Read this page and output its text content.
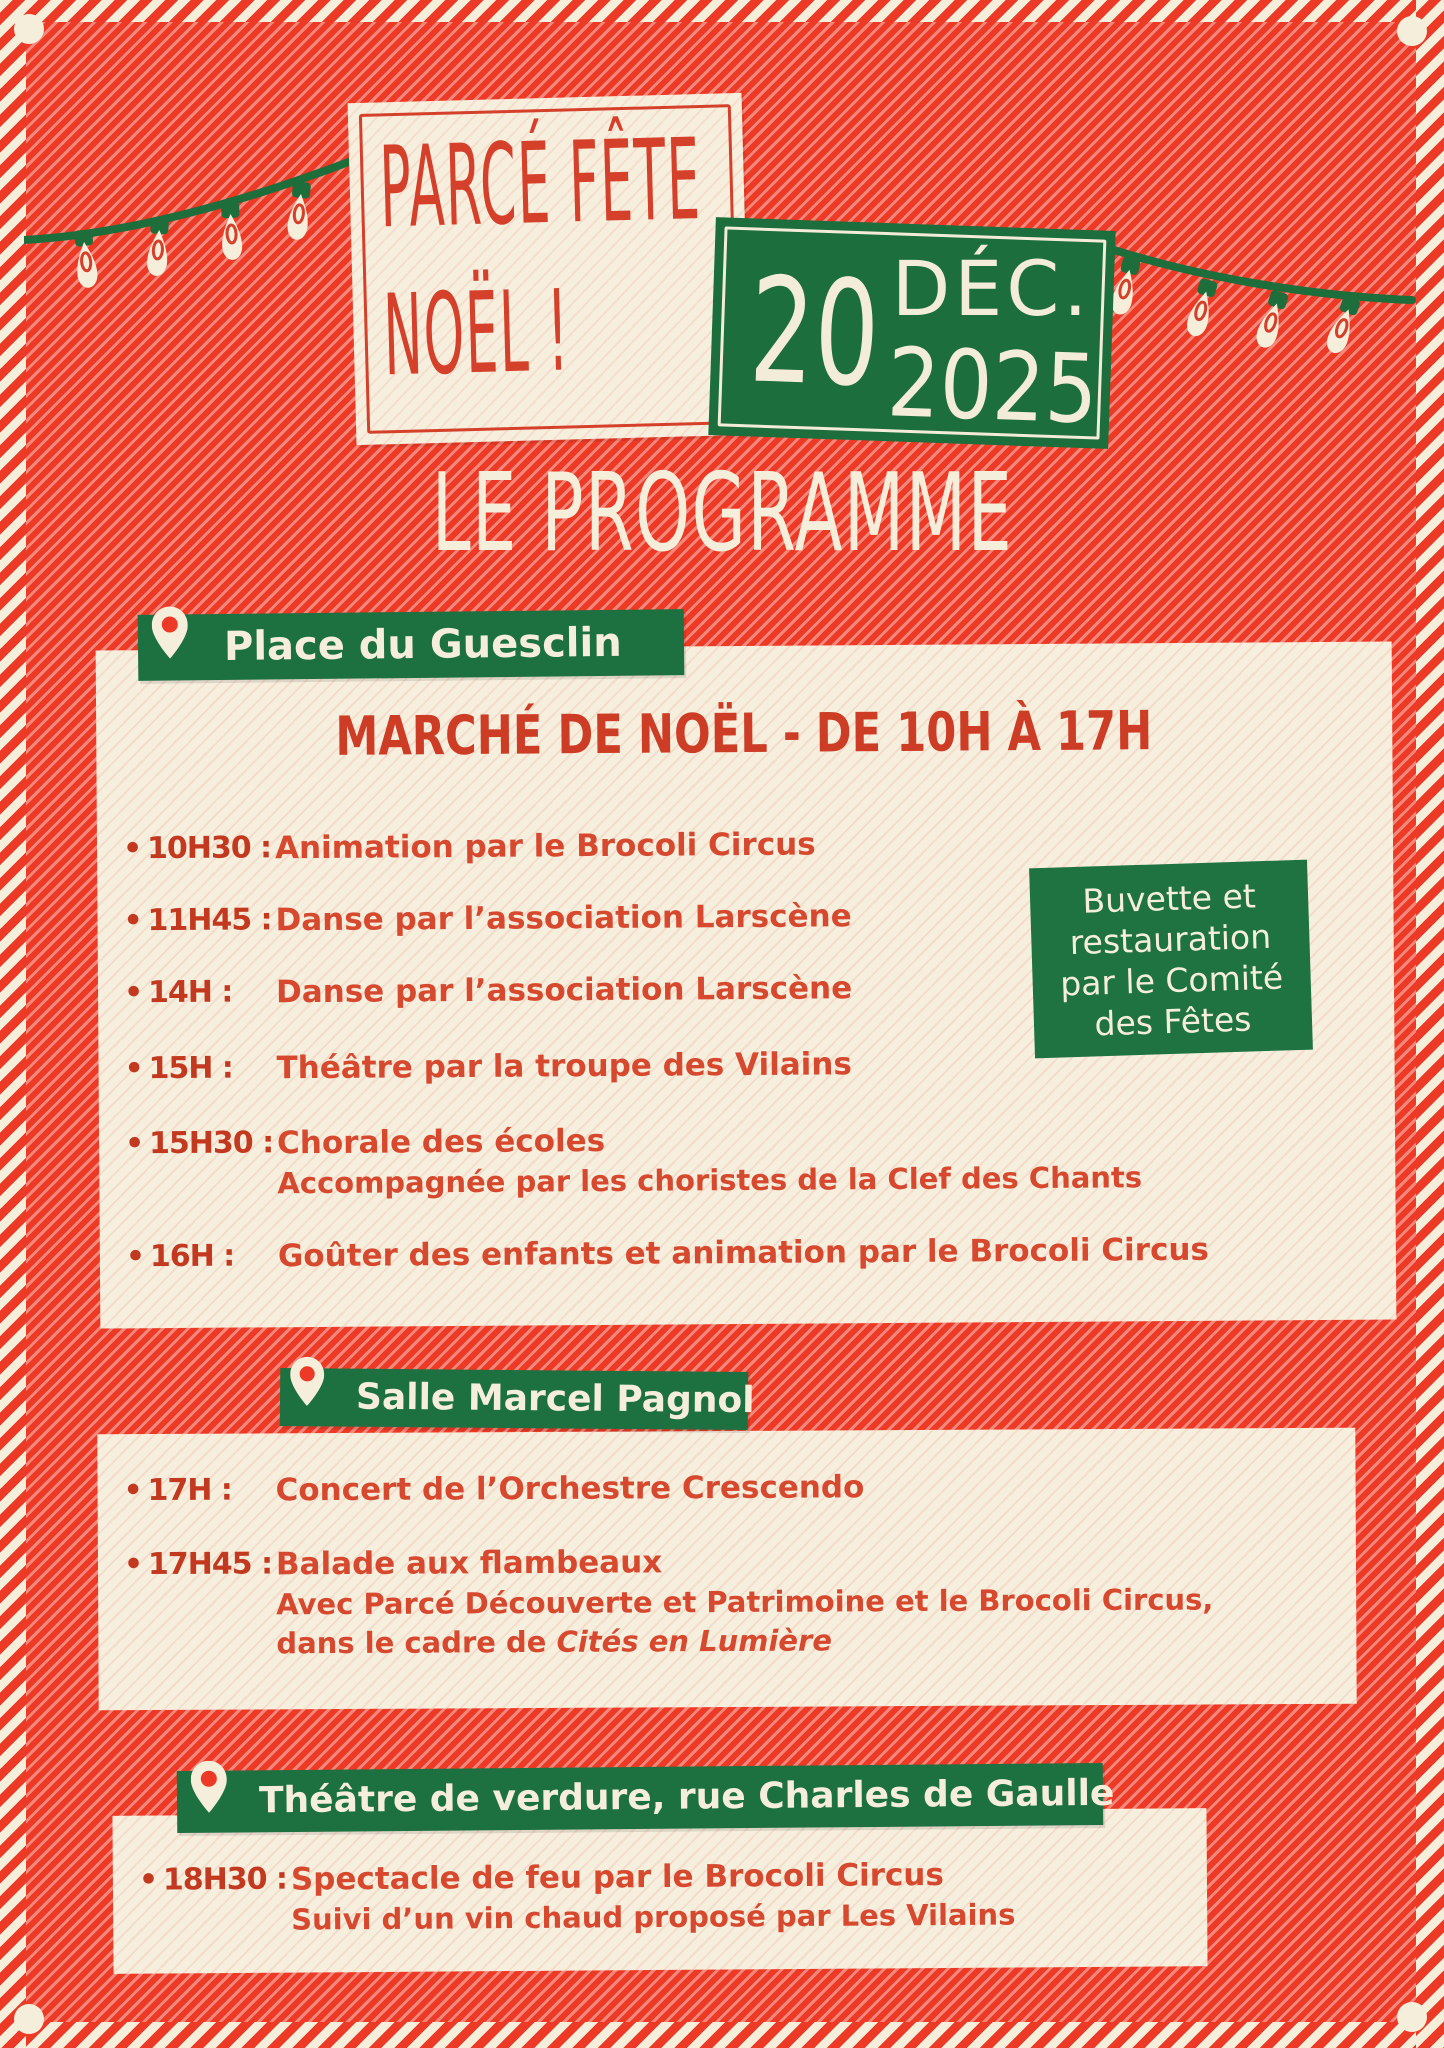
PARCÉ FÊTE
NOËL !	20 DÉC.
2025
LE PROGRAMME
Place du Guesclin
Salle Marcel Pagnol
Théâtre de verdure, rue Charles de Gaulle
MARCHÉ DE NOËL - DE 10H À 17H
• 10H30 : Animation par le Brocoli Circus
• 11H45 : Danse par l’association Larscène
• 14H :	Danse par l’association Larscène
• 15H :	Théâtre par la troupe des Vilains
• 15H30 : Chorale des écoles
Accompagnée par les choristes de la Clef des Chants
• 16H :	Goûter des enfants et animation par le Brocoli Circus
Buvette et restauration par le Comité des Fêtes
• 17H :	Concert de l’Orchestre Crescendo
• 17H45 : Balade aux flambeaux
Avec Parcé Découverte et Patrimoine et le Brocoli Circus,
dans le cadre de Cités en Lumière
• 18H30 : Spectacle de feu par le Brocoli Circus
Suivi d’un vin chaud proposé par Les Vilains
